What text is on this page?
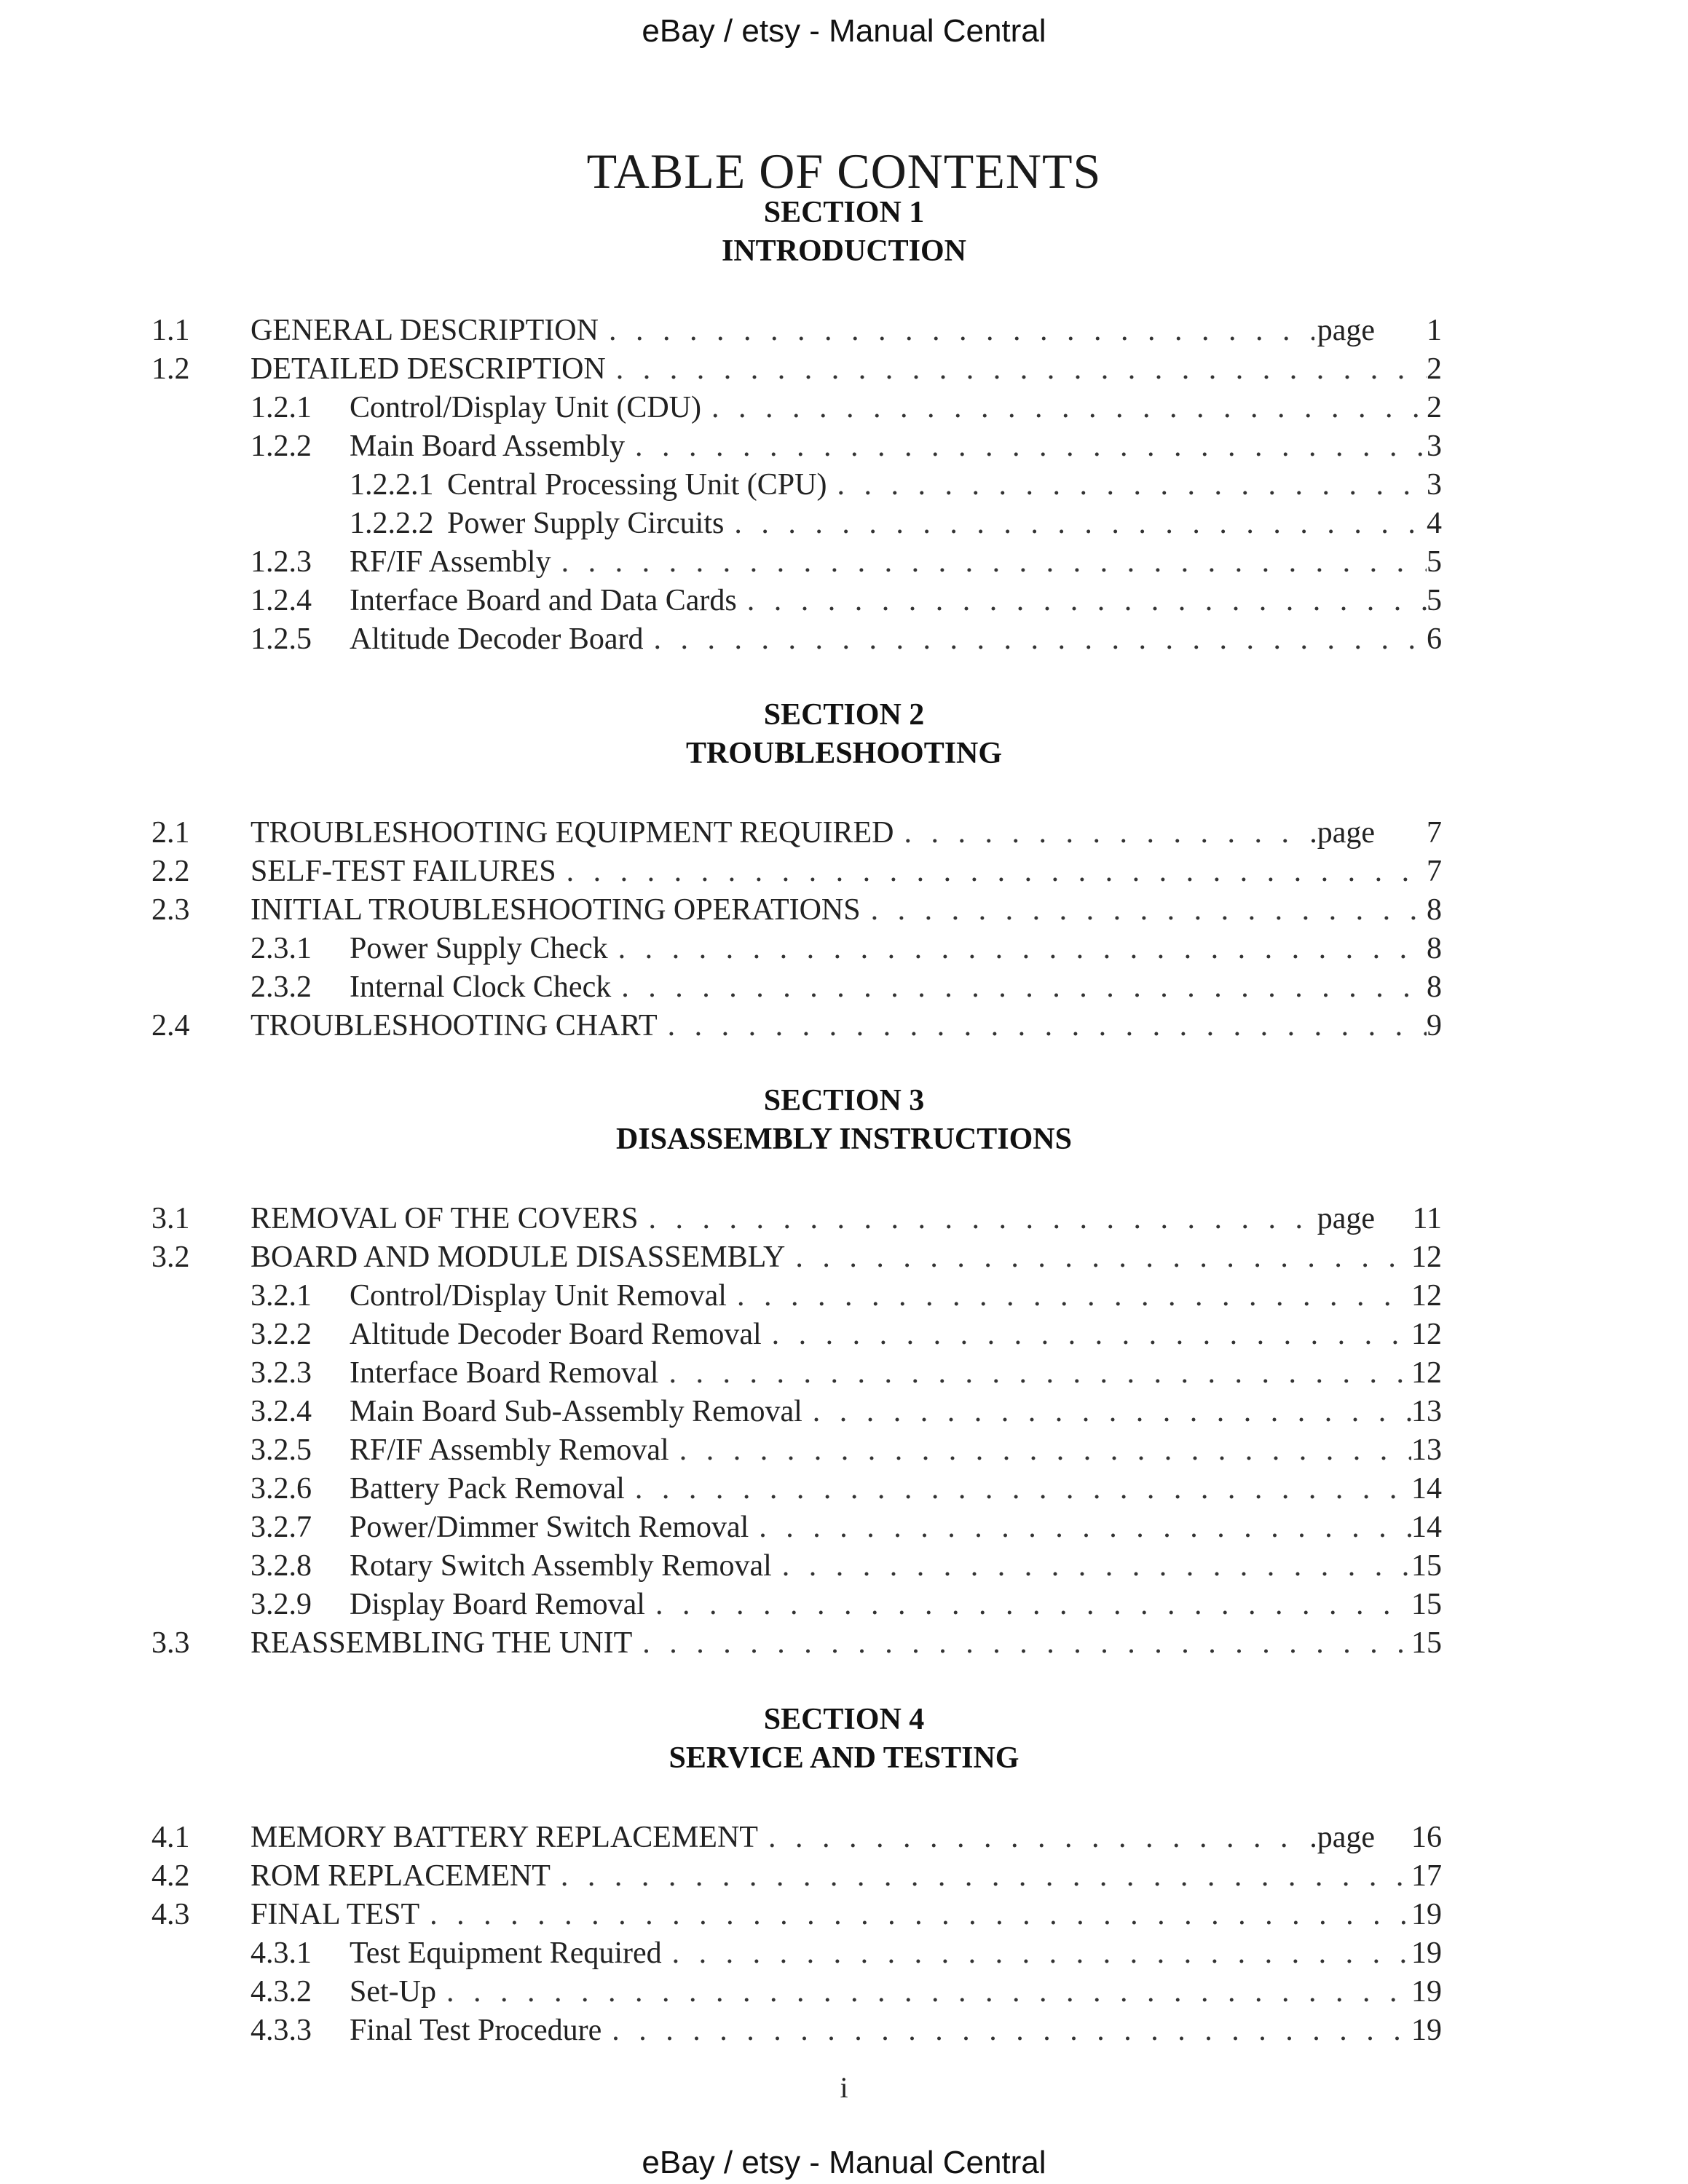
eBay / etsy - Manual Central
TABLE OF CONTENTS
SECTION 1
INTRODUCTION
1.1 GENERAL DESCRIPTION . . .	page	1
1.2 DETAILED DESCRIPTION . . .	2
1.2.1 Control/Display Unit (CDU) . . .	2
1.2.2 Main Board Assembly . . .	3
1.2.2.1 Central Processing Unit (CPU) . . .	3
1.2.2.2 Power Supply Circuits . . .	4
1.2.3 RF/IF Assembly . . .	5
1.2.4 Interface Board and Data Cards . . .	5
1.2.5 Altitude Decoder Board . . .	6
SECTION 2
TROUBLESHOOTING
2.1 TROUBLESHOOTING EQUIPMENT REQUIRED . . .	.page	7
2.2 SELF-TEST FAILURES . . .	7
2.3 INITIAL TROUBLESHOOTING OPERATIONS . . .	8
2.3.1 Power Supply Check . . .	8
2.3.2 Internal Clock Check . . .	8
2.4 TROUBLESHOOTING CHART . . .	9
SECTION 3
DISASSEMBLY INSTRUCTIONS
3.1 REMOVAL OF THE COVERS . . .	page	11
3.2 BOARD AND MODULE DISASSEMBLY . . .	12
3.2.1 Control/Display Unit Removal . . .	12
3.2.2 Altitude Decoder Board Removal . . .	12
3.2.3 Interface Board Removal . . .	12
3.2.4 Main Board Sub-Assembly Removal . . .	13
3.2.5 RF/IF Assembly Removal . . .	13
3.2.6 Battery Pack Removal . . .	14
3.2.7 Power/Dimmer Switch Removal . . .	14
3.2.8 Rotary Switch Assembly Removal . . .	15
3.2.9 Display Board Removal . . .	15
3.3 REASSEMBLING THE UNIT . . .	15
SECTION 4
SERVICE AND TESTING
4.1 MEMORY BATTERY REPLACEMENT . . .	.page	16
4.2 ROM REPLACEMENT . . .	17
4.3 FINAL TEST . . .	19
4.3.1 Test Equipment Required . . .	19
4.3.2 Set-Up . . .	19
4.3.3 Final Test Procedure . . .	19
i
eBay / etsy - Manual Central
